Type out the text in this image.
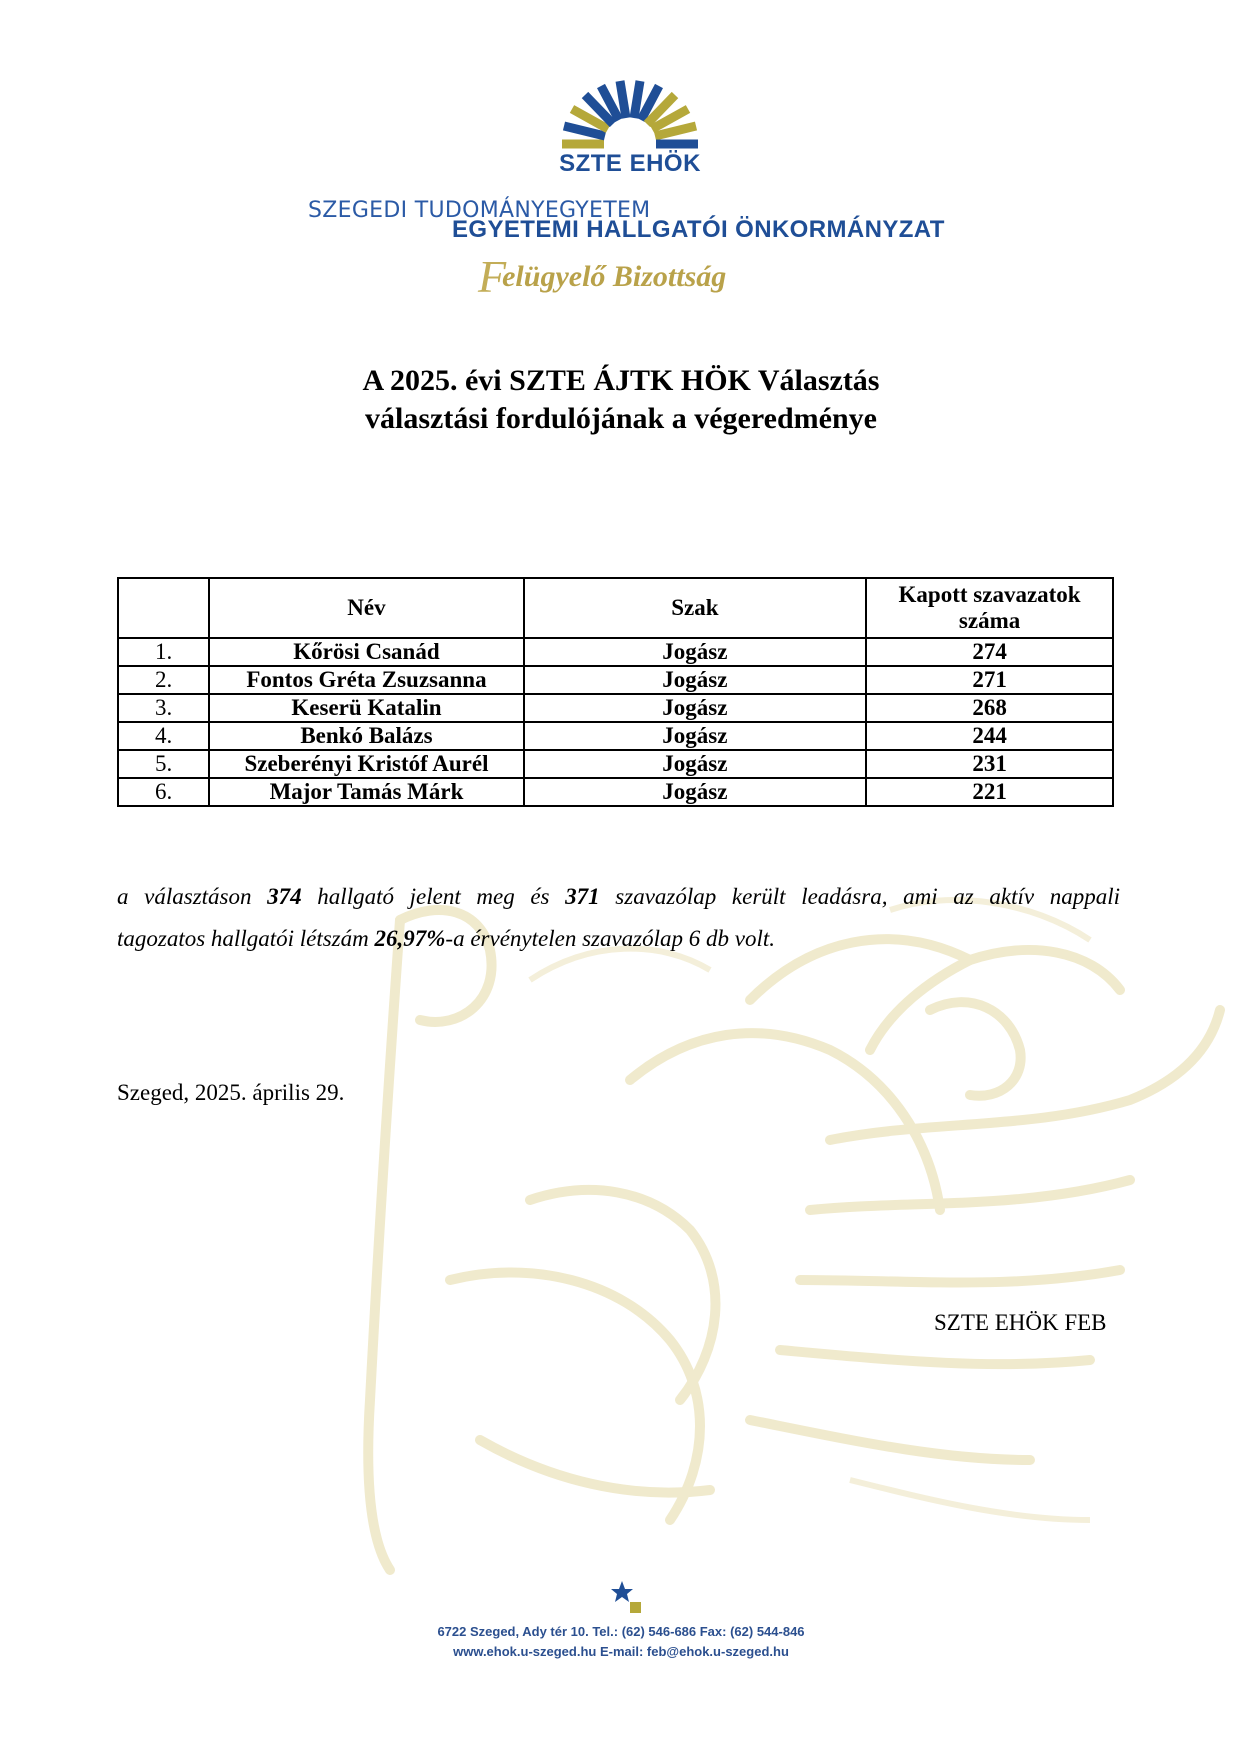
SZTE EHÖK
SZEGEDI TUDOMÁNYEGYETEM
EGYETEMI HALLGATÓI ÖNKORMÁNYZAT
Felügyelő Bizottság
A 2025. évi SZTE ÁJTK HÖK Választás
választási fordulójának a végeredménye
	Név	Szak	Kapott szavazatok száma
1.	Kőrösi Csanád	Jogász	274
2.	Fontos Gréta Zsuzsanna	Jogász	271
3.	Keserü Katalin	Jogász	268
4.	Benkó Balázs	Jogász	244
5.	Szeberényi Kristóf Aurél	Jogász	231
6.	Major Tamás Márk	Jogász	221
a választáson 374 hallgató jelent meg és 371 szavazólap került leadásra, ami az aktív nappali
tagozatos hallgatói létszám 26,97%-a érvénytelen szavazólap 6 db volt.
Szeged, 2025. április 29.
SZTE EHÖK FEB
6722 Szeged, Ady tér 10. Tel.: (62) 546-686 Fax: (62) 544-846
www.ehok.u-szeged.hu E-mail: feb@ehok.u-szeged.hu
